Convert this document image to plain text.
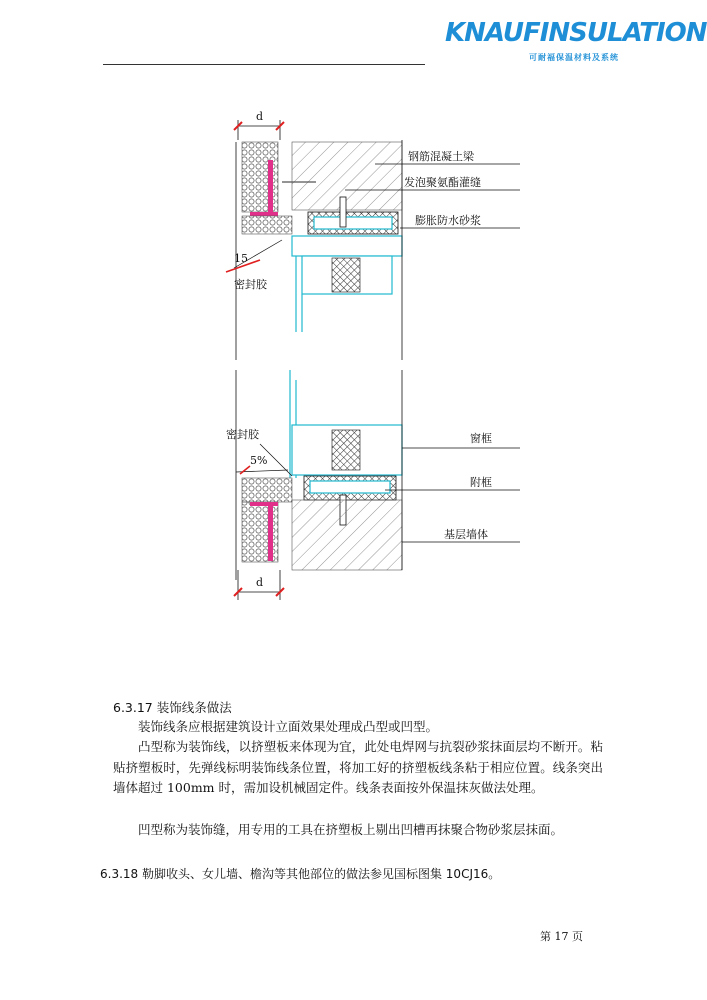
KNAUFINSULATION
可耐福保温材料及系统
d
钢筋混凝土梁
发泡聚氨酯灌缝
膨胀防水砂浆
15
密封胶
密封胶
5%
窗框
附框
基层墙体
d
6.3.17 装饰线条做法
装饰线条应根据建筑设计立面效果处理成凸型或凹型。
凸型称为装饰线，以挤塑板来体现为宜，此处电焊网与抗裂砂浆抹面层均不断开。粘贴挤塑板时，先弹线标明装饰线条位置，将加工好的挤塑板线条粘于相应位置。线条突出墙体超过 100mm 时，需加设机械固定件。线条表面按外保温抹灰做法处理。
凹型称为装饰缝，用专用的工具在挤塑板上剔出凹槽再抹聚合物砂浆层抹面。
6.3.18 勒脚收头、女儿墙、檐沟等其他部位的做法参见国标图集 10CJ16。
第 17 页
